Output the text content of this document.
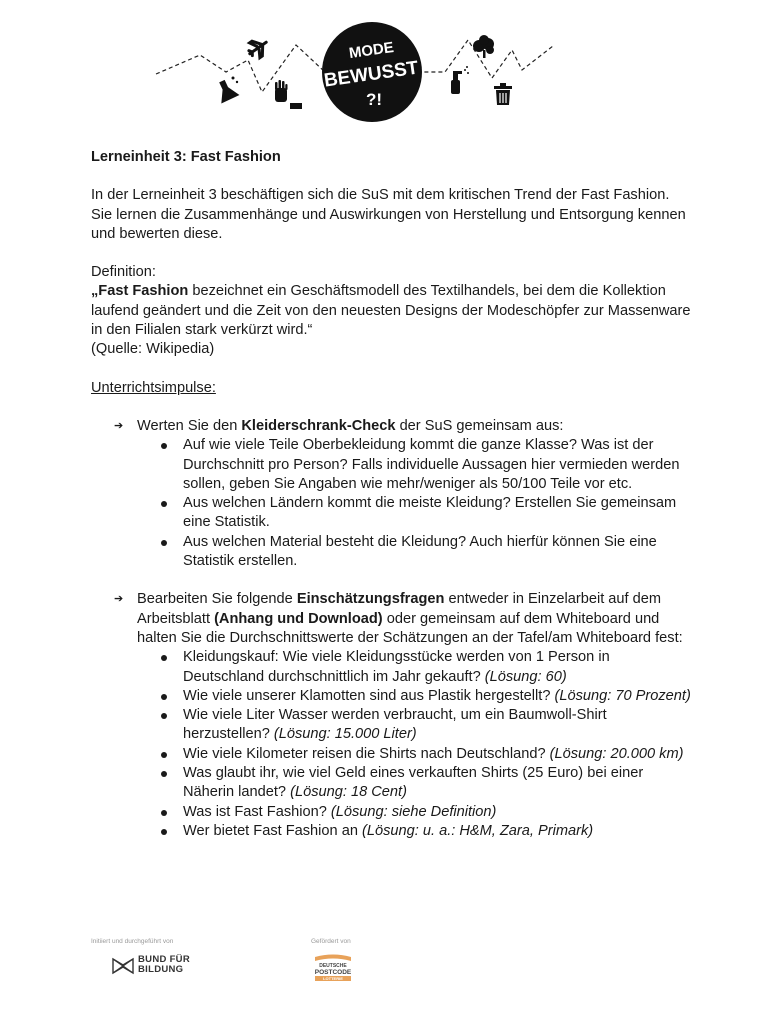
MODE
BEWUSST
?!

Lerneinheit 3: Fast Fashion

In der Lerneinheit 3 beschäftigen sich die SuS mit dem kritischen Trend der Fast Fashion. Sie lernen die Zusammenhänge und Auswirkungen von Herstellung und Entsorgung kennen und bewerten diese.

Definition:

„Fast Fashion bezeichnet ein Geschäftsmodell des Textilhandels, bei dem die Kollektion laufend geändert und die Zeit von den neuesten Designs der Modeschöpfer zur Massenware in den Filialen stark verkürzt wird.“

(Quelle: Wikipedia)

Unterrichtsimpulse:

➔ Werten Sie den Kleiderschrank-Check der SuS gemeinsam aus:
Auf wie viele Teile Oberbekleidung kommt die ganze Klasse? Was ist der Durchschnitt pro Person? Falls individuelle Aussagen hier vermieden werden sollen, geben Sie Angaben wie mehr/weniger als 50/100 Teile vor etc.
Aus welchen Ländern kommt die meiste Kleidung? Erstellen Sie gemeinsam eine Statistik.
Aus welchen Material besteht die Kleidung? Auch hierfür können Sie eine Statistik erstellen.
➔ Bearbeiten Sie folgende Einschätzungsfragen entweder in Einzelarbeit auf dem Arbeitsblatt (Anhang und Download) oder gemeinsam auf dem Whiteboard und halten Sie die Durchschnittswerte der Schätzungen an der Tafel/am Whiteboard fest:
Kleidungskauf: Wie viele Kleidungsstücke werden von 1 Person in Deutschland durchschnittlich im Jahr gekauft? (Lösung: 60)
Wie viele unserer Klamotten sind aus Plastik hergestellt? (Lösung: 70 Prozent)
Wie viele Liter Wasser werden verbraucht, um ein Baumwoll-Shirt herzustellen? (Lösung: 15.000 Liter)
Wie viele Kilometer reisen die Shirts nach Deutschland? (Lösung: 20.000 km)
Was glaubt ihr, wie viel Geld eines verkauften Shirts (25 Euro) bei einer Näherin landet? (Lösung: 18 Cent)
Was ist Fast Fashion? (Lösung: siehe Definition)
Wer bietet Fast Fashion an (Lösung: u. a.: H&M, Zara, Primark)
Initiiert und durchgeführt von	Gefördert von
BUND FÜR
BILDUNG	DEUTSCHE
POSTCODE
LOTTERIE
